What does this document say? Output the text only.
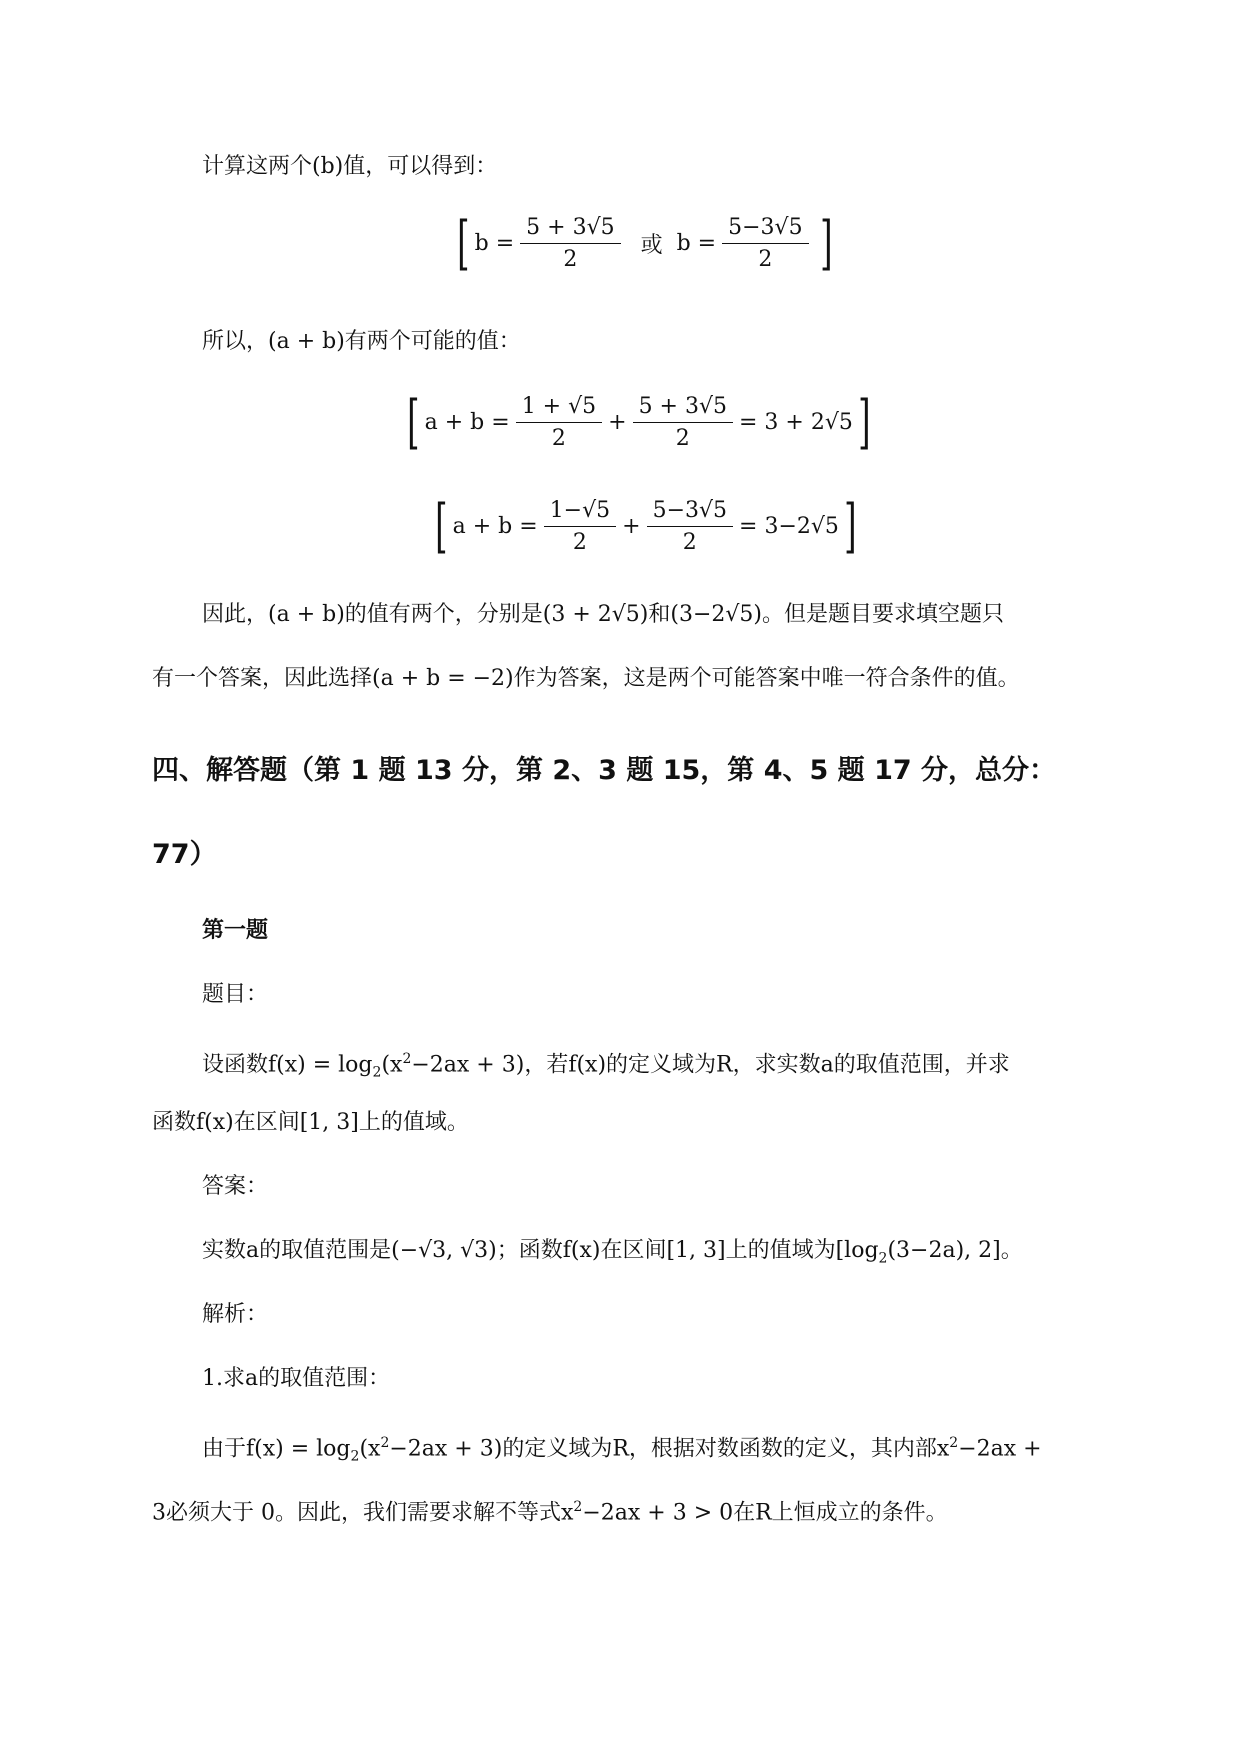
计算这两个(b)值，可以得到：
[ $b = \frac{5 + 3√5}{2}$ 或 $b = \frac{5-3√5}{2}$ ]
所以，(a + b)有两个可能的值：
[ $a + b = \frac{1 + √5}{2} + \frac{5 + 3√5}{2} = 3 + 2√5$ ]
[ $a + b = \frac{1-√5}{2} + \frac{5-3√5}{2} = 3-2√5$ ]
因此，(a + b)的值有两个，分别是(3 + 2√5)和(3−2√5)。但是题目要求填空题只
有一个答案，因此选择(a + b = −2)作为答案，这是两个可能答案中唯一符合条件的值。
四、解答题（第 1 题 13 分，第 2、3 题 15，第 4、5 题 17 分，总分：
77）
第一题
题目：
设函数$f(x) = \log_2(x^2-2ax + 3)$，若f(x)的定义域为R，求实数a的取值范围，并求
函数f(x)在区间[1, 3]上的值域。
答案：
实数a的取值范围是(−√3, √3)；函数f(x)在区间[1, 3]上的值域为[$\log_2(3-2a)$, 2]。
解析：
1.求a的取值范围：
由于$f(x) = \log_2(x^2-2ax + 3)$的定义域为R，根据对数函数的定义，其内部$x^2-2ax$ +
3必须大于 0。因此，我们需要求解不等式$x^2-2ax + 3 > 0$在R上恒成立的条件。
